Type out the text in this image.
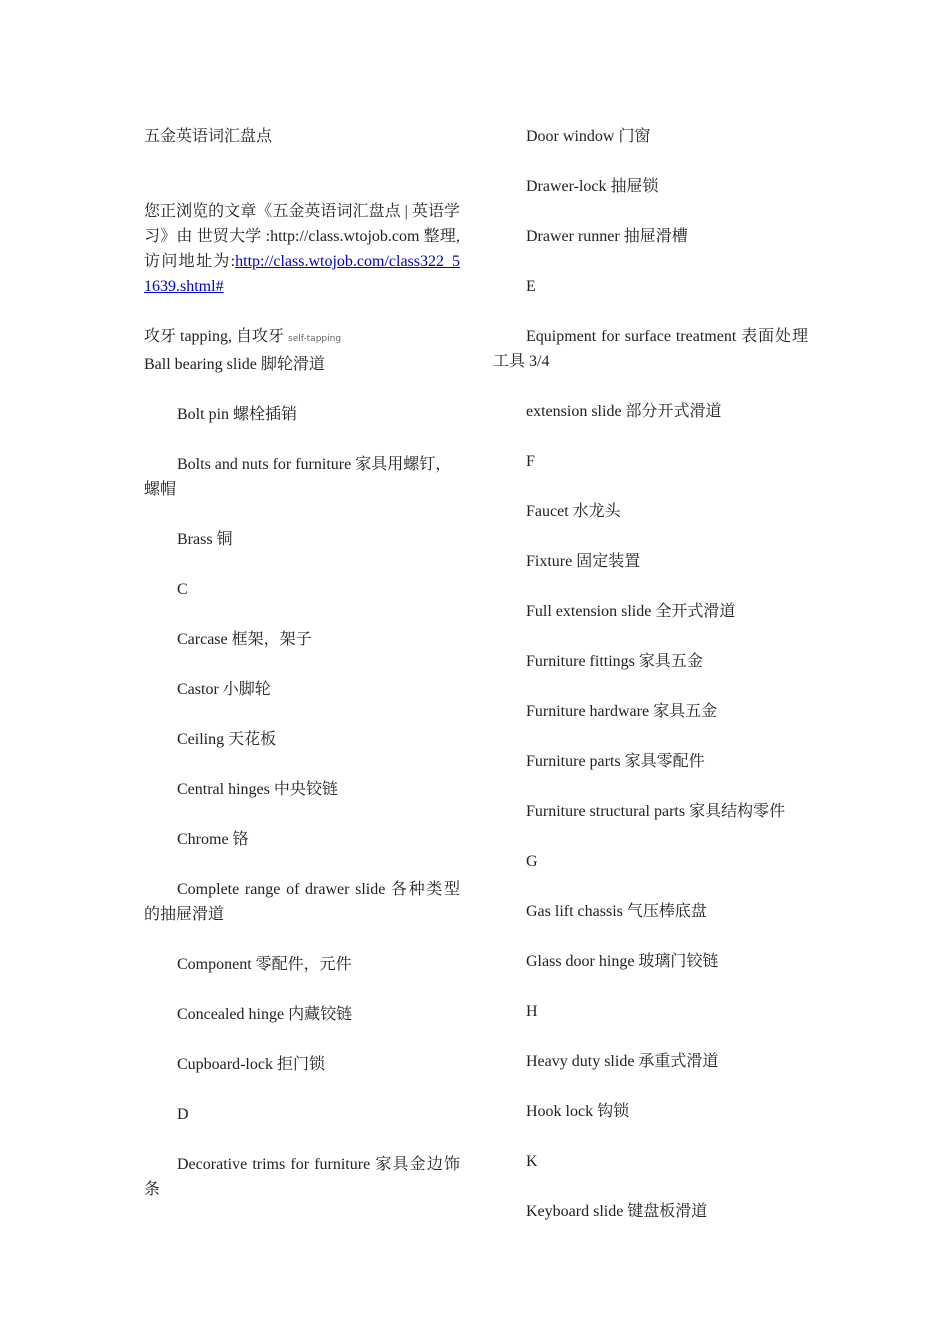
五金英语词汇盘点

您正浏览的文章《五金英语词汇盘点 | 英语学习》由 世贸大学 :http://class.wtojob.com 整理,访问地址为:http://class.wtojob.com/class322_51639.shtml#

攻牙 tapping, 自攻牙 self-tapping

Ball bearing slide 脚轮滑道

Bolt pin 螺栓插销

Bolts and nuts for furniture 家具用螺钉，螺帽

Brass 铜

C

Carcase 框架，架子

Castor 小脚轮

Ceiling 天花板

Central hinges 中央铰链

Chrome 铬

Complete range of drawer slide 各种类型的抽屉滑道

Component 零配件，元件

Concealed hinge 内藏铰链

Cupboard-lock 拒门锁

D

Decorative trims for furniture 家具金边饰条

Door window 门窗

Drawer-lock 抽屉锁

Drawer runner 抽屉滑槽

E

Equipment for surface treatment 表面处理工具 3/4

extension slide 部分开式滑道

F

Faucet 水龙头

Fixture 固定装置

Full extension slide 全开式滑道

Furniture fittings 家具五金

Furniture hardware 家具五金

Furniture parts 家具零配件

Furniture structural parts 家具结构零件

G

Gas lift chassis 气压棒底盘

Glass door hinge 玻璃门铰链

H

Heavy duty slide 承重式滑道

Hook lock 钩锁

K

Keyboard slide 键盘板滑道
